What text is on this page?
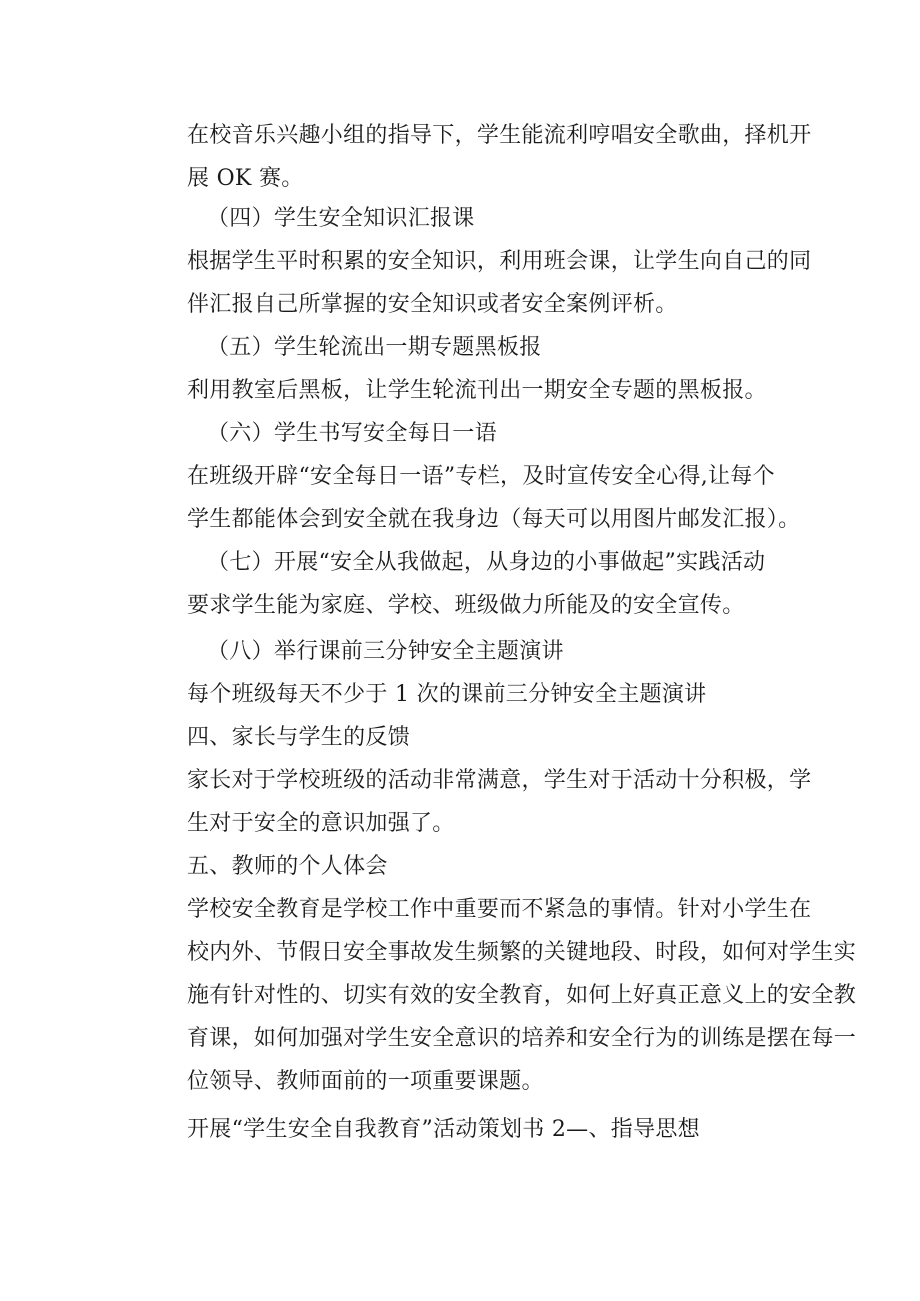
在校音乐兴趣小组的指导下，学生能流利哼唱安全歌曲，择机开
展 OK 赛。
（四）学生安全知识汇报课
根据学生平时积累的安全知识，利用班会课，让学生向自己的同
伴汇报自己所掌握的安全知识或者安全案例评析。
（五）学生轮流出一期专题黑板报
利用教室后黑板，让学生轮流刊出一期安全专题的黑板报。
（六）学生书写安全每日一语
在班级开辟“安全每日一语”专栏，及时宣传安全心得,让每个
学生都能体会到安全就在我身边（每天可以用图片邮发汇报）。
（七）开展“安全从我做起，从身边的小事做起”实践活动
要求学生能为家庭、学校、班级做力所能及的安全宣传。
（八）举行课前三分钟安全主题演讲
每个班级每天不少于 1 次的课前三分钟安全主题演讲
四、家长与学生的反馈
家长对于学校班级的活动非常满意，学生对于活动十分积极，学
生对于安全的意识加强了。
五、教师的个人体会
学校安全教育是学校工作中重要而不紧急的事情。针对小学生在
校内外、节假日安全事故发生频繁的关键地段、时段，如何对学生实
施有针对性的、切实有效的安全教育，如何上好真正意义上的安全教
育课，如何加强对学生安全意识的培养和安全行为的训练是摆在每一
位领导、教师面前的一项重要课题。
开展“学生安全自我教育”活动策划书 2—、指导思想
